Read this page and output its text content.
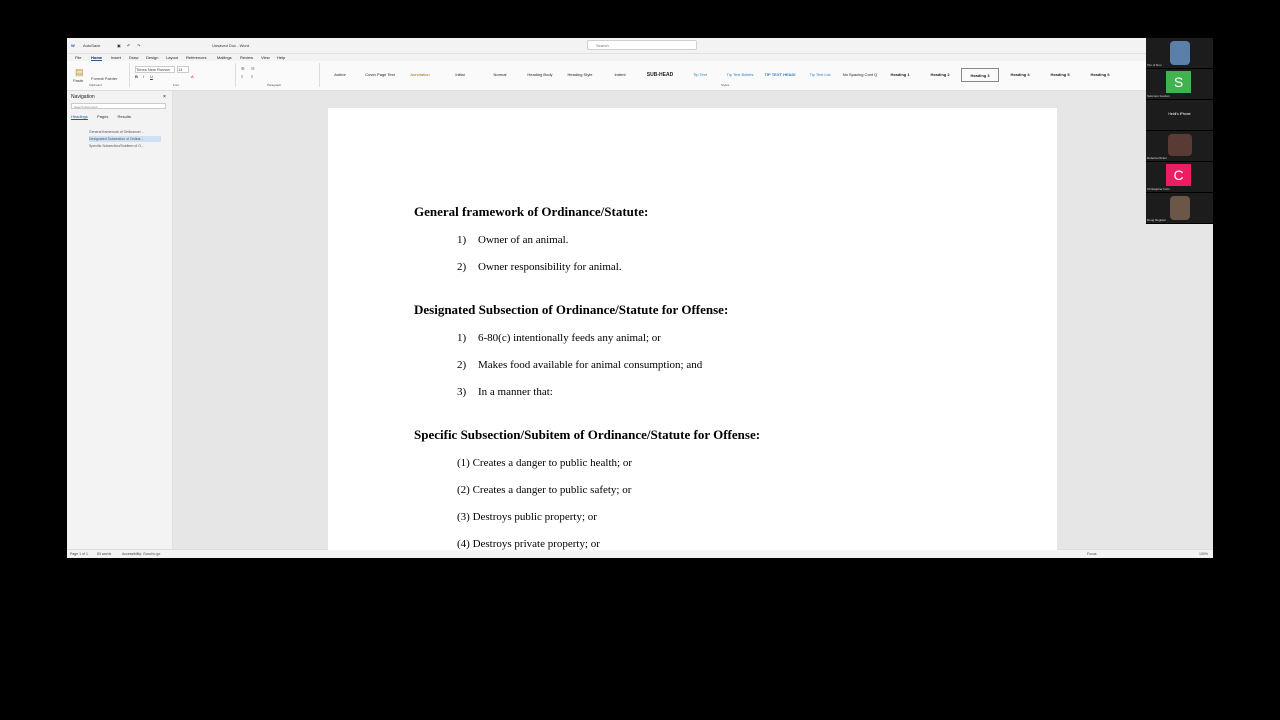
W AutoSave	▣ ↶ ↷	Unsaved Doc - Word	Search
File Home Insert Draw Design Layout References	Mailings Review View Help
▤
Paste Format Painter
Clipboard
Times New Roman	14
B I U	A
Font
☰ ☷
≡ ≡
Paragraph
Author	Cover Page Text	Annotation	Initial	Normal	Heading Body	Heading Style	Indent	SUB-HEAD	Tip Text	Tip Text Bullets	TIP TEXT HEADI	Tip Text List	No Spacing Cont Q	Heading 1	Heading 2	Heading 3	Heading 4	Heading 5	Heading 6
Styles
Navigation	×
Search document
Headings Pages Results
General framework of Ordinance/...
Designated Subsection of Ordina...
Specific Subsection/Subitem of O...
Page 1 of 1	83 words	Accessibility: Good to go	Focus	100%
General framework of Ordinance/Statute:
1) Owner of an animal.
2) Owner responsibility for animal.
Designated Subsection of Ordinance/Statute for Offense:
1) 6-80(c) intentionally feeds any animal; or
2) Makes food available for animal consumption; and
3) In a manner that:
Specific Subsection/Subitem of Ordinance/Statute for Offense:
(1) Creates a danger to public health; or
(2) Creates a danger to public safety; or
(3) Destroys public property; or
(4) Destroys private property; or
Tim of Doo
S
Solomon Gordon
Heidi's iPhone
Roberta Ricker
C
Christopher Irwin
Doug Register
